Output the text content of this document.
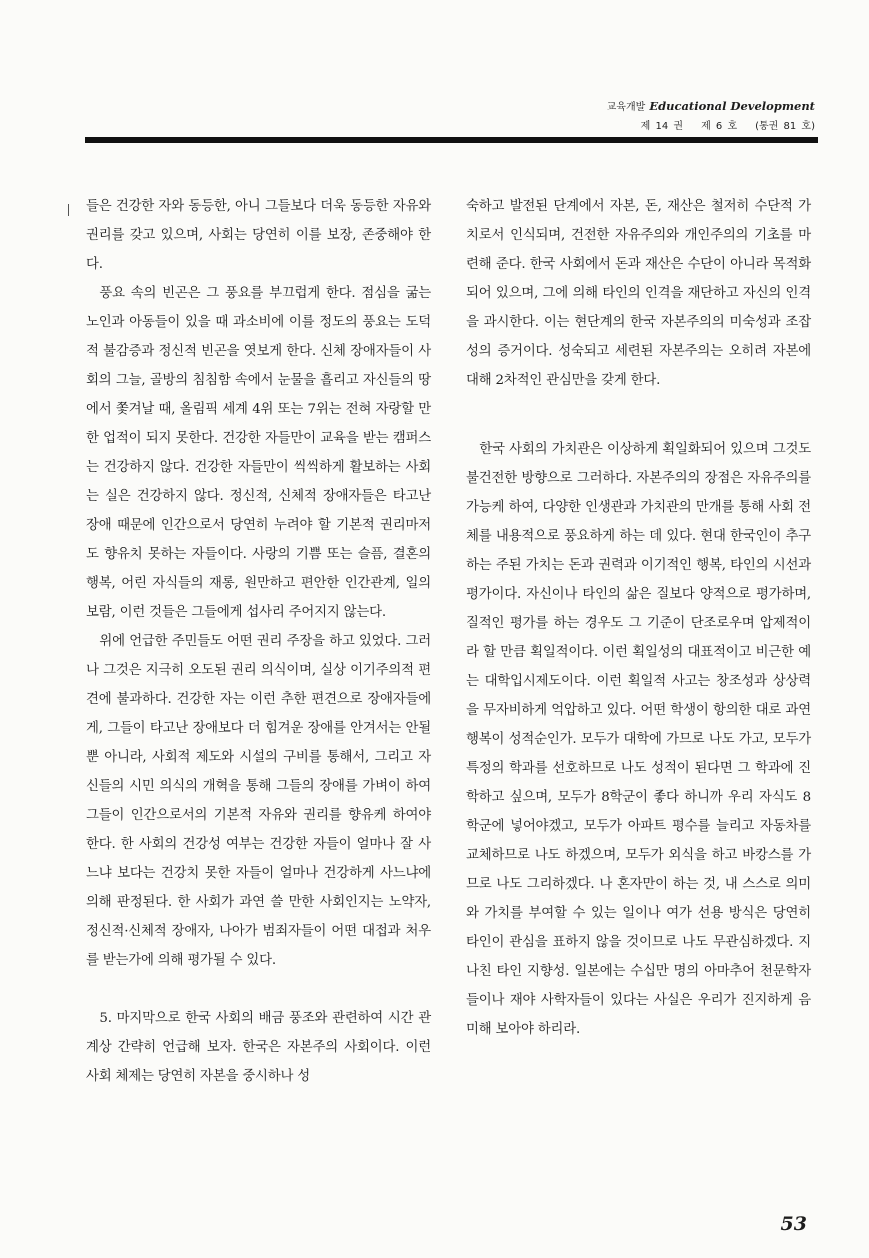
교육개발 Educational Development
제 14 권 제 6 호 (통권 81 호)

들은 건강한 자와 동등한, 아니 그들보다 더욱 동등한 자유와 권리를 갖고 있으며, 사회는 당연히 이를 보장, 존중해야 한다.

풍요 속의 빈곤은 그 풍요를 부끄럽게 한다. 점심을 굶는 노인과 아동들이 있을 때 과소비에 이를 정도의 풍요는 도덕적 불감증과 정신적 빈곤을 엿보게 한다. 신체 장애자들이 사회의 그늘, 골방의 침침함 속에서 눈물을 흘리고 자신들의 땅에서 쫓겨날 때, 올림픽 세계 4위 또는 7위는 전혀 자랑할 만한 업적이 되지 못한다. 건강한 자들만이 교육을 받는 캠퍼스는 건강하지 않다. 건강한 자들만이 씩씩하게 활보하는 사회는 실은 건강하지 않다. 정신적, 신체적 장애자들은 타고난 장애 때문에 인간으로서 당연히 누려야 할 기본적 권리마저도 향유치 못하는 자들이다. 사랑의 기쁨 또는 슬픔, 결혼의 행복, 어린 자식들의 재롱, 원만하고 편안한 인간관계, 일의 보람, 이런 것들은 그들에게 섭사리 주어지지 않는다.

위에 언급한 주민들도 어떤 권리 주장을 하고 있었다. 그러나 그것은 지극히 오도된 권리 의식이며, 실상 이기주의적 편견에 불과하다. 건강한 자는 이런 추한 편견으로 장애자들에게, 그들이 타고난 장애보다 더 힘겨운 장애를 안겨서는 안될 뿐 아니라, 사회적 제도와 시설의 구비를 통해서, 그리고 자신들의 시민 의식의 개혁을 통해 그들의 장애를 가벼이 하여 그들이 인간으로서의 기본적 자유와 권리를 향유케 하여야 한다. 한 사회의 건강성 여부는 건강한 자들이 얼마나 잘 사느냐 보다는 건강치 못한 자들이 얼마나 건강하게 사느냐에 의해 판정된다. 한 사회가 과연 쓸 만한 사회인지는 노약자, 정신적·신체적 장애자, 나아가 범죄자들이 어떤 대접과 처우를 받는가에 의해 평가될 수 있다.

5. 마지막으로 한국 사회의 배금 풍조와 관련하여 시간 관계상 간략히 언급해 보자. 한국은 자본주의 사회이다. 이런 사회 체제는 당연히 자본을 중시하나 성

숙하고 발전된 단계에서 자본, 돈, 재산은 철저히 수단적 가치로서 인식되며, 건전한 자유주의와 개인주의의 기초를 마련해 준다. 한국 사회에서 돈과 재산은 수단이 아니라 목적화되어 있으며, 그에 의해 타인의 인격을 재단하고 자신의 인격을 과시한다. 이는 현단계의 한국 자본주의의 미숙성과 조잡성의 증거이다. 성숙되고 세련된 자본주의는 오히려 자본에 대해 2차적인 관심만을 갖게 한다.

한국 사회의 가치관은 이상하게 획일화되어 있으며 그것도 불건전한 방향으로 그러하다. 자본주의의 장점은 자유주의를 가능케 하여, 다양한 인생관과 가치관의 만개를 통해 사회 전체를 내용적으로 풍요하게 하는 데 있다. 현대 한국인이 추구하는 주된 가치는 돈과 권력과 이기적인 행복, 타인의 시선과 평가이다. 자신이나 타인의 삶은 질보다 양적으로 평가하며, 질적인 평가를 하는 경우도 그 기준이 단조로우며 압제적이라 할 만큼 획일적이다. 이런 획일성의 대표적이고 비근한 예는 대학입시제도이다. 이런 획일적 사고는 창조성과 상상력을 무자비하게 억압하고 있다. 어떤 학생이 항의한 대로 과연 행복이 성적순인가. 모두가 대학에 가므로 나도 가고, 모두가 특정의 학과를 선호하므로 나도 성적이 된다면 그 학과에 진학하고 싶으며, 모두가 8학군이 좋다 하니까 우리 자식도 8학군에 넣어야겠고, 모두가 아파트 평수를 늘리고 자동차를 교체하므로 나도 하겠으며, 모두가 외식을 하고 바캉스를 가므로 나도 그리하겠다. 나 혼자만이 하는 것, 내 스스로 의미와 가치를 부여할 수 있는 일이나 여가 선용 방식은 당연히 타인이 관심을 표하지 않을 것이므로 나도 무관심하겠다. 지나친 타인 지향성. 일본에는 수십만 명의 아마추어 천문학자들이나 재야 사학자들이 있다는 사실은 우리가 진지하게 음미해 보아야 하리라.

53
